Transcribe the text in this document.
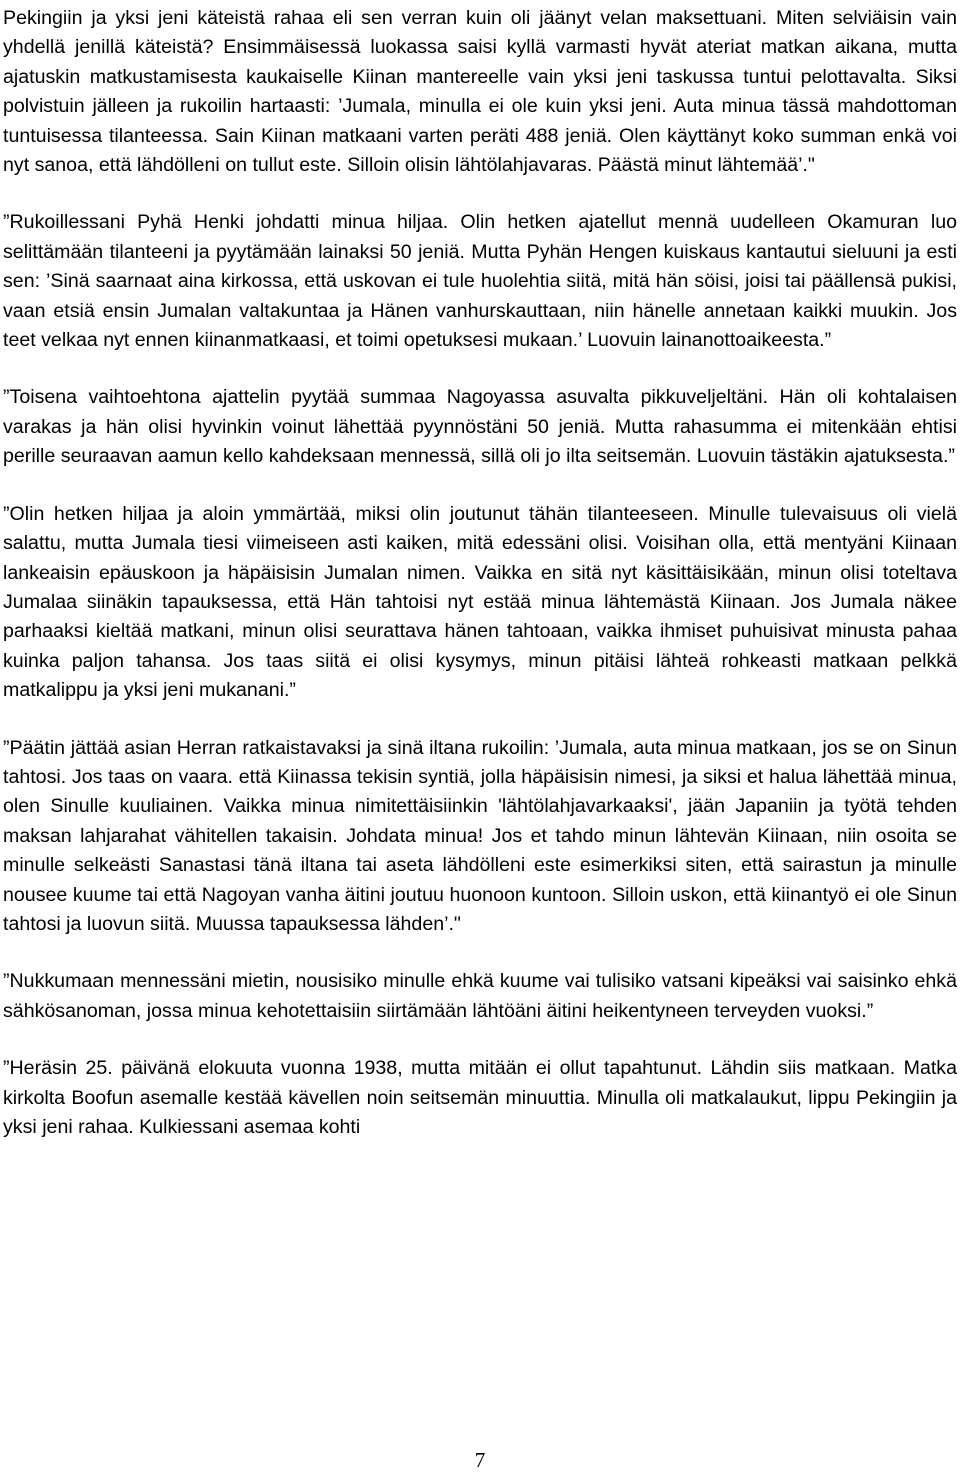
Pekingiin ja yksi jeni käteistä rahaa eli sen verran kuin oli jäänyt velan maksettuani. Miten selviäisin vain yhdellä jenillä käteistä? Ensimmäisessä luokassa saisi kyllä varmasti hyvät ateriat matkan aikana, mutta ajatuskin matkustamisesta kaukaiselle Kiinan mantereelle vain yksi jeni taskussa tuntui pelottavalta. Siksi polvistuin jälleen ja rukoilin hartaasti: ’Jumala, minulla ei ole kuin yksi jeni. Auta minua tässä mahdottoman tuntuisessa tilanteessa. Sain Kiinan matkaani varten peräti 488 jeniä. Olen käyttänyt koko summan enkä voi nyt sanoa, että lähdölleni on tullut este. Silloin olisin lähtölahjavaras. Päästä minut lähtemää’."

”Rukoillessani Pyhä Henki johdatti minua hiljaa. Olin hetken ajatellut mennä uudelleen Okamuran luo selittämään tilanteeni ja pyytämään lainaksi 50 jeniä. Mutta Pyhän Hengen kuiskaus kantautui sieluuni ja esti sen: ’Sinä saarnaat aina kirkossa, että uskovan ei tule huolehtia siitä, mitä hän söisi, joisi tai päällensä pukisi, vaan etsiä ensin Jumalan valtakuntaa ja Hänen vanhurskauttaan, niin hänelle annetaan kaikki muukin. Jos teet velkaa nyt ennen kiinanmatkaasi, et toimi opetuksesi mukaan.’ Luovuin lainanottoaikeesta.”

”Toisena vaihtoehtona ajattelin pyytää summaa Nagoyassa asuvalta pikkuveljeltäni. Hän oli kohtalaisen varakas ja hän olisi hyvinkin voinut lähettää pyynnöstäni 50 jeniä. Mutta rahasumma ei mitenkään ehtisi perille seuraavan aamun kello kahdeksaan mennessä, sillä oli jo ilta seitsemän. Luovuin tästäkin ajatuksesta.”

”Olin hetken hiljaa ja aloin ymmärtää, miksi olin joutunut tähän tilanteeseen. Minulle tulevaisuus oli vielä salattu, mutta Jumala tiesi viimeiseen asti kaiken, mitä edessäni olisi. Voisihan olla, että mentyäni Kiinaan lankeaisin epäuskoon ja häpäisisin Jumalan nimen. Vaikka en sitä nyt käsittäisikään, minun olisi toteltava Jumalaa siinäkin tapauksessa, että Hän tahtoisi nyt estää minua lähtemästä Kiinaan. Jos Jumala näkee parhaaksi kieltää matkani, minun olisi seurattava hänen tahtoaan, vaikka ihmiset puhuisivat minusta pahaa kuinka paljon tahansa. Jos taas siitä ei olisi kysymys, minun pitäisi lähteä rohkeasti matkaan pelkkä matkalippu ja yksi jeni mukanani.”

”Päätin jättää asian Herran ratkaistavaksi ja sinä iltana rukoilin: ’Jumala, auta minua matkaan, jos se on Sinun tahtosi. Jos taas on vaara. että Kiinassa tekisin syntiä, jolla häpäisisin nimesi, ja siksi et halua lähettää minua, olen Sinulle kuuliainen. Vaikka minua nimitettäisiinkin 'lähtölahjavarkaaksi', jään Japaniin ja työtä tehden maksan lahjarahat vähitellen takaisin. Johdata minua! Jos et tahdo minun lähtevän Kiinaan, niin osoita se minulle selkeästi Sanastasi tänä iltana tai aseta lähdölleni este esimerkiksi siten, että sairastun ja minulle nousee kuume tai että Nagoyan vanha äitini joutuu huonoon kuntoon. Silloin uskon, että kiinantyö ei ole Sinun tahtosi ja luovun siitä. Muussa tapauksessa lähden’."

”Nukkumaan mennessäni mietin, nousisiko minulle ehkä kuume vai tulisiko vatsani kipeäksi vai saisinko ehkä sähkösanoman, jossa minua kehotettaisiin siirtämään lähtöäni äitini heikentyneen terveyden vuoksi.”

”Heräsin 25. päivänä elokuuta vuonna 1938, mutta mitään ei ollut tapahtunut. Lähdin siis matkaan. Matka kirkolta Boofun asemalle kestää kävellen noin seitsemän minuuttia. Minulla oli matkalaukut, lippu Pekingiin ja yksi jeni rahaa. Kulkiessani asemaa kohti

7
